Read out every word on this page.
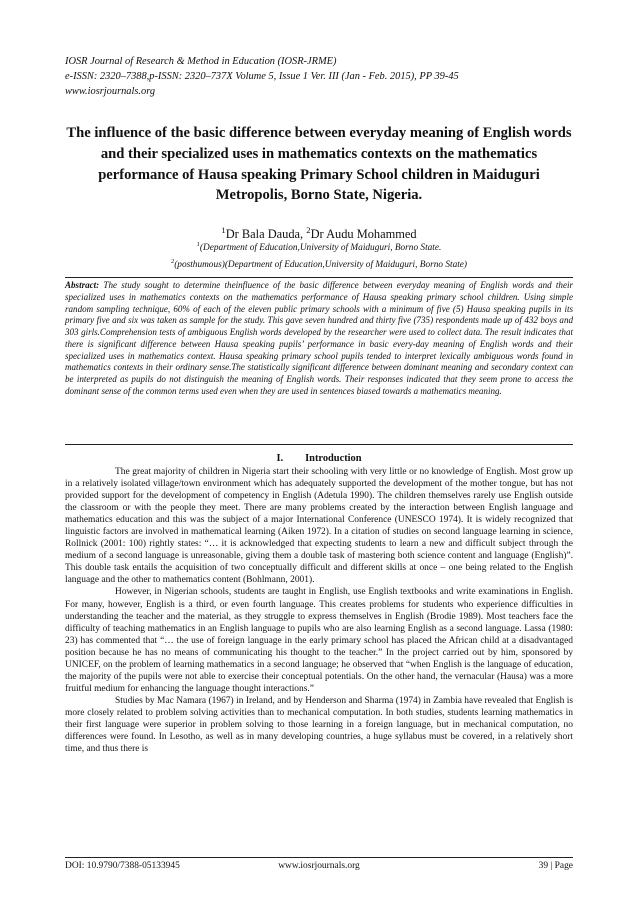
IOSR Journal of Research & Method in Education (IOSR-JRME)
e-ISSN: 2320–7388,p-ISSN: 2320–737X Volume 5, Issue 1 Ver. III (Jan - Feb. 2015), PP 39-45
www.iosrjournals.org
The influence of the basic difference between everyday meaning of English words and their specialized uses in mathematics contexts on the mathematics performance of Hausa speaking Primary School children in Maiduguri Metropolis, Borno State, Nigeria.
$^1$Dr Bala Dauda, $^2$Dr Audu Mohammed
$^1$(Department of Education,University of Maiduguri, Borno State.
$^2$(posthumous)(Department of Education,University of Maiduguri, Borno State)
Abstract: The study sought to determine theinfluence of the basic difference between everyday meaning of English words and their specialized uses in mathematics contexts on the mathematics performance of Hausa speaking primary school children. Using simple random sampling technique, 60% of each of the eleven public primary schools with a minimum of five (5) Hausa speaking pupils in its primary five and six was taken as sample for the study. This gave seven hundred and thirty five (735) respondents made up of 432 boys and 303 girls.Comprehension tests of ambiguous English words developed by the researcher were used to collect data. The result indicates that there is significant difference between Hausa speaking pupils’ performance in basic every-day meaning of English words and their specialized uses in mathematics context. Hausa speaking primary school pupils tended to interpret lexically ambiguous words found in mathematics contexts in their ordinary sense.The statistically significant difference between dominant meaning and secondary context can be interpreted as pupils do not distinguish the meaning of English words. Their responses indicated that they seem prone to access the dominant sense of the common terms used even when they are used in sentences biased towards a mathematics meaning.
I. Introduction

The great majority of children in Nigeria start their schooling with very little or no knowledge of English. Most grow up in a relatively isolated village/town environment which has adequately supported the development of the mother tongue, but has not provided support for the development of competency in English (Adetula 1990). The children themselves rarely use English outside the classroom or with the people they meet. There are many problems created by the interaction between English language and mathematics education and this was the subject of a major International Conference (UNESCO 1974). It is widely recognized that linguistic factors are involved in mathematical learning (Aiken 1972). In a citation of studies on second language learning in science, Rollnick (2001: 100) rightly states: “… it is acknowledged that expecting students to learn a new and difficult subject through the medium of a second language is unreasonable, giving them a double task of mastering both science content and language (English)”. This double task entails the acquisition of two conceptually difficult and different skills at once – one being related to the English language and the other to mathematics content (Bohlmann, 2001).

However, in Nigerian schools, students are taught in English, use English textbooks and write examinations in English. For many, however, English is a third, or even fourth language. This creates problems for students who experience difficulties in understanding the teacher and the material, as they struggle to express themselves in English (Brodie 1989). Most teachers face the difficulty of teaching mathematics in an English language to pupils who are also learning English as a second language. Lassa (1980: 23) has commented that “… the use of foreign language in the early primary school has placed the African child at a disadvantaged position because he has no means of communicating his thought to the teacher.” In the project carried out by him, sponsored by UNICEF, on the problem of learning mathematics in a second language; he observed that “when English is the language of education, the majority of the pupils were not able to exercise their conceptual potentials. On the other hand, the vernacular (Hausa) was a more fruitful medium for enhancing the language thought interactions.”

Studies by Mac Namara (1967) in Ireland, and by Henderson and Sharma (1974) in Zambia have revealed that English is more closely related to problem solving activities than to mechanical computation. In both studies, students learning mathematics in their first language were superior in problem solving to those learning in a foreign language, but in mechanical computation, no differences were found. In Lesotho, as well as in many developing countries, a huge syllabus must be covered, in a relatively short time, and thus there is

DOI: 10.9790/7388-05133945	www.iosrjournals.org	39 | Page
